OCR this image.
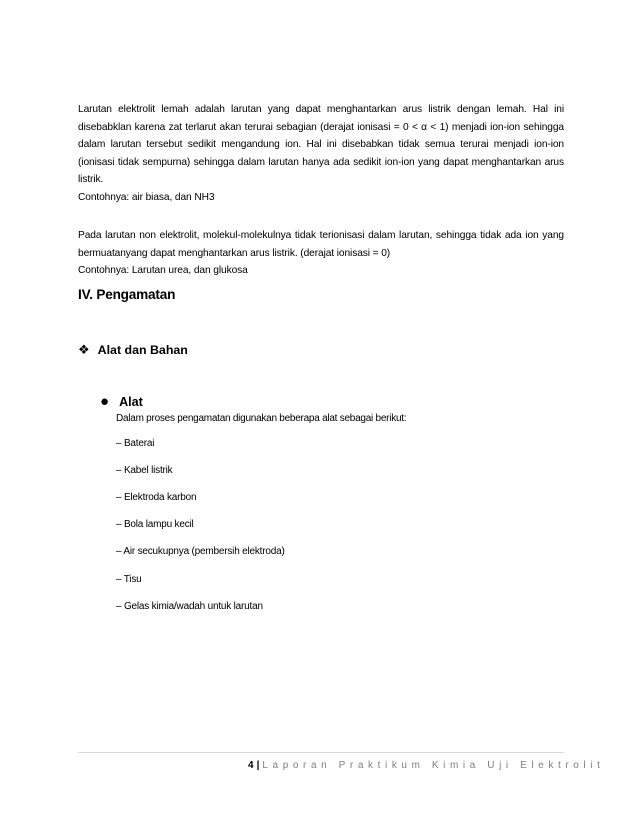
Larutan elektrolit lemah adalah larutan yang dapat menghantarkan arus listrik dengan lemah. Hal ini disebabklan karena zat terlarut akan terurai sebagian (derajat ionisasi = 0 < α < 1) menjadi ion-ion sehingga dalam larutan tersebut sedikit mengandung ion. Hal ini disebabkan tidak semua terurai menjadi ion-ion (ionisasi tidak sempurna) sehingga dalam larutan hanya ada sedikit ion-ion yang dapat menghantarkan arus listrik.

Contohnya: air biasa, dan NH3

Pada larutan non elektrolit, molekul-molekulnya tidak terionisasi dalam larutan, sehingga tidak ada ion yang bermuatanyang dapat menghantarkan arus listrik. (derajat ionisasi = 0)

Contohnya: Larutan urea, dan glukosa

IV. Pengamatan
❖ Alat dan Bahan
● Alat
Dalam proses pengamatan digunakan beberapa alat sebagai berikut:
– Baterai
– Kabel listrik
– Elektroda karbon
– Bola lampu kecil
– Air secukupnya (pembersih elektroda)
– Tisu
– Gelas kimia/wadah untuk larutan
4 | Laporan Praktikum Kimia Uji Elektrolit
